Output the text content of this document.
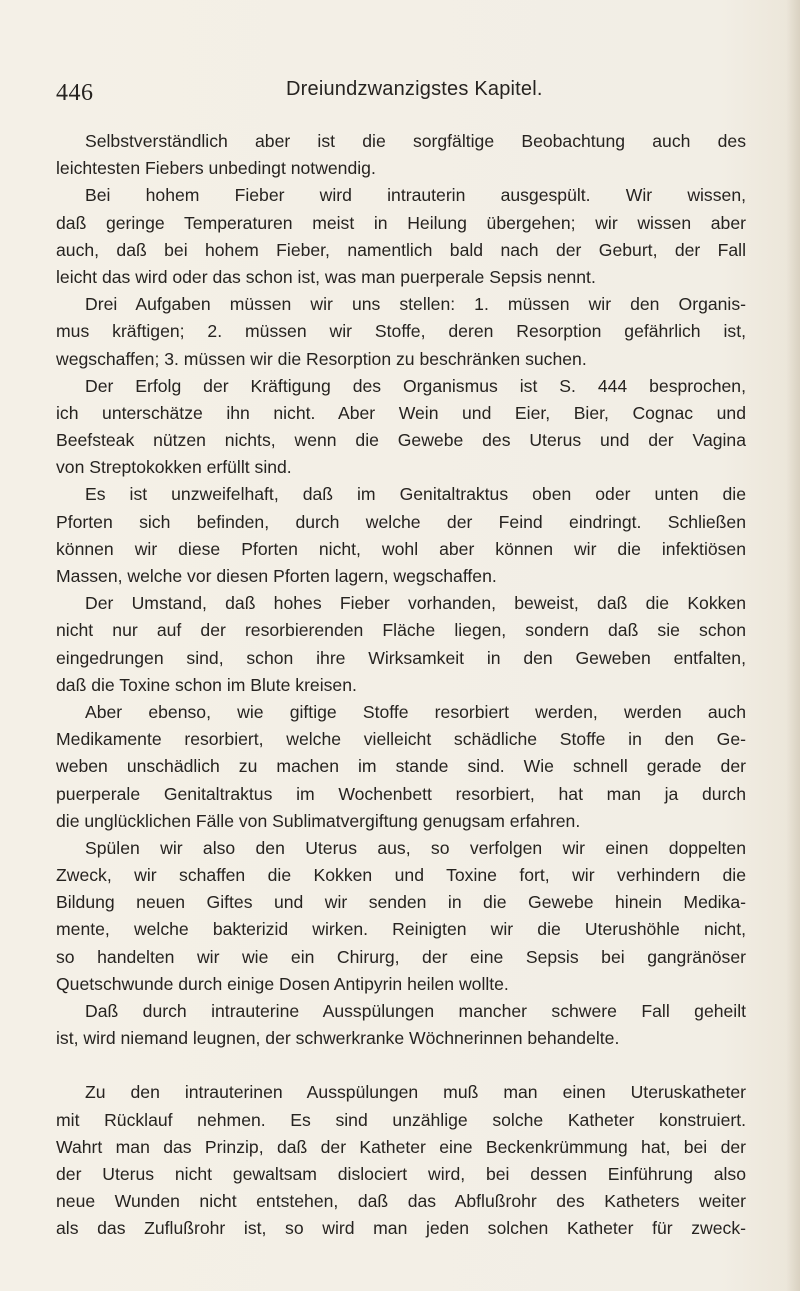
446	Dreiundzwanzigstes Kapitel.
Selbstverständlich aber ist die sorgfältige Beobachtung auch des
leichtesten Fiebers unbedingt notwendig.
Bei hohem Fieber wird intrauterin ausgespült. Wir wissen,
daß geringe Temperaturen meist in Heilung übergehen; wir wissen aber
auch, daß bei hohem Fieber, namentlich bald nach der Geburt, der Fall
leicht das wird oder das schon ist, was man puerperale Sepsis nennt.
Drei Aufgaben müssen wir uns stellen: 1. müssen wir den Organis-
mus kräftigen; 2. müssen wir Stoffe, deren Resorption gefährlich ist,
wegschaffen; 3. müssen wir die Resorption zu beschränken suchen.
Der Erfolg der Kräftigung des Organismus ist S. 444 besprochen,
ich unterschätze ihn nicht. Aber Wein und Eier, Bier, Cognac und
Beefsteak nützen nichts, wenn die Gewebe des Uterus und der Vagina
von Streptokokken erfüllt sind.
Es ist unzweifelhaft, daß im Genitaltraktus oben oder unten die
Pforten sich befinden, durch welche der Feind eindringt. Schließen
können wir diese Pforten nicht, wohl aber können wir die infektiösen
Massen, welche vor diesen Pforten lagern, wegschaffen.
Der Umstand, daß hohes Fieber vorhanden, beweist, daß die Kokken
nicht nur auf der resorbierenden Fläche liegen, sondern daß sie schon
eingedrungen sind, schon ihre Wirksamkeit in den Geweben entfalten,
daß die Toxine schon im Blute kreisen.
Aber ebenso, wie giftige Stoffe resorbiert werden, werden auch
Medikamente resorbiert, welche vielleicht schädliche Stoffe in den Ge-
weben unschädlich zu machen im stande sind. Wie schnell gerade der
puerperale Genitaltraktus im Wochenbett resorbiert, hat man ja durch
die unglücklichen Fälle von Sublimatvergiftung genugsam erfahren.
Spülen wir also den Uterus aus, so verfolgen wir einen doppelten
Zweck, wir schaffen die Kokken und Toxine fort, wir verhindern die
Bildung neuen Giftes und wir senden in die Gewebe hinein Medika-
mente, welche bakterizid wirken. Reinigten wir die Uterushöhle nicht,
so handelten wir wie ein Chirurg, der eine Sepsis bei gangränöser
Quetschwunde durch einige Dosen Antipyrin heilen wollte.
Daß durch intrauterine Ausspülungen mancher schwere Fall geheilt
ist, wird niemand leugnen, der schwerkranke Wöchnerinnen behandelte.
Zu den intrauterinen Ausspülungen muß man einen Uteruskatheter
mit Rücklauf nehmen. Es sind unzählige solche Katheter konstruiert.
Wahrt man das Prinzip, daß der Katheter eine Beckenkrümmung hat, bei der
der Uterus nicht gewaltsam dislociert wird, bei dessen Einführung also
neue Wunden nicht entstehen, daß das Abflußrohr des Katheters weiter
als das Zuflußrohr ist, so wird man jeden solchen Katheter für zweck-
